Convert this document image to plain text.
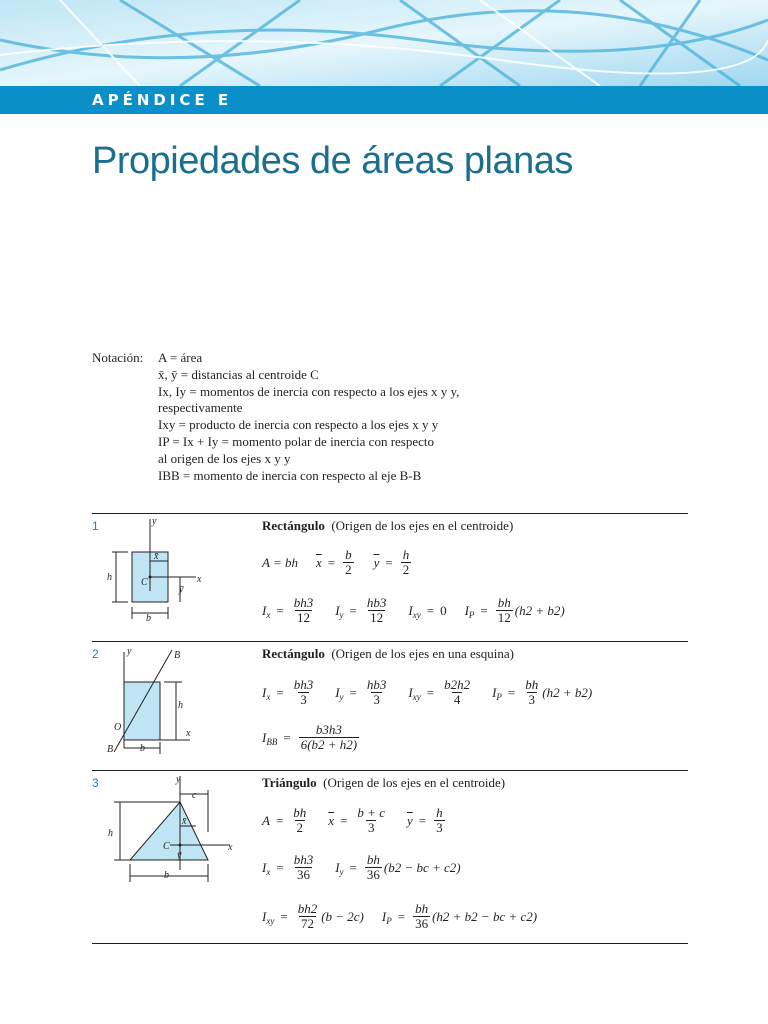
APÉNDICE E
Propiedades de áreas planas
Notación: A = área
x̄, ȳ = distancias al centroide C
Ix, Iy = momentos de inercia con respecto a los ejes x y y,
respectivamente
Ixy = producto de inercia con respecto a los ejes x y y
IP = Ix + Iy = momento polar de inercia con respecto
al origen de los ejes x y y
IBB = momento de inercia con respecto al eje B-B
1	y
x
h
b
C
x̄
ȳ
Rectángulo (Origen de los ejes en el centroide)
A = bh $\overline{x} = \frac{b}{2} \overline{y} = \frac{h}{2}$
$I_x = \frac{bh3}{12} I_y = \frac{hb3}{12} I_{xy} = 0$ $I_P = \frac{bh}{12} (h2 + b2)$
2	y
x
h
b
O
B
B
Rectángulo (Origen de los ejes en una esquina)
$I_x = \frac{bh3}{3} I_y = \frac{hb3}{3} I_{xy} = \frac{b2h2}{4} I_P = \frac{bh}{3} (h2 + b2)$
$I_{BB} = \frac{b3h3}{6(b2 + h2)}$
3	y
x
h
b
c
C
x̄
ȳ
Triángulo (Origen de los ejes en el centroide)
$A = \frac{bh}{2} \overline{x} = \frac{b + c}{3} \overline{y} = \frac{h}{3}$
$I_x = \frac{bh3}{36} I_y = \frac{bh}{36} (b2$ − bc + c2)
$I_{xy} = \frac{bh2}{72} (b - 2c) I_P = \frac{bh}{36} (h2 + b2$ − bc + c2)
